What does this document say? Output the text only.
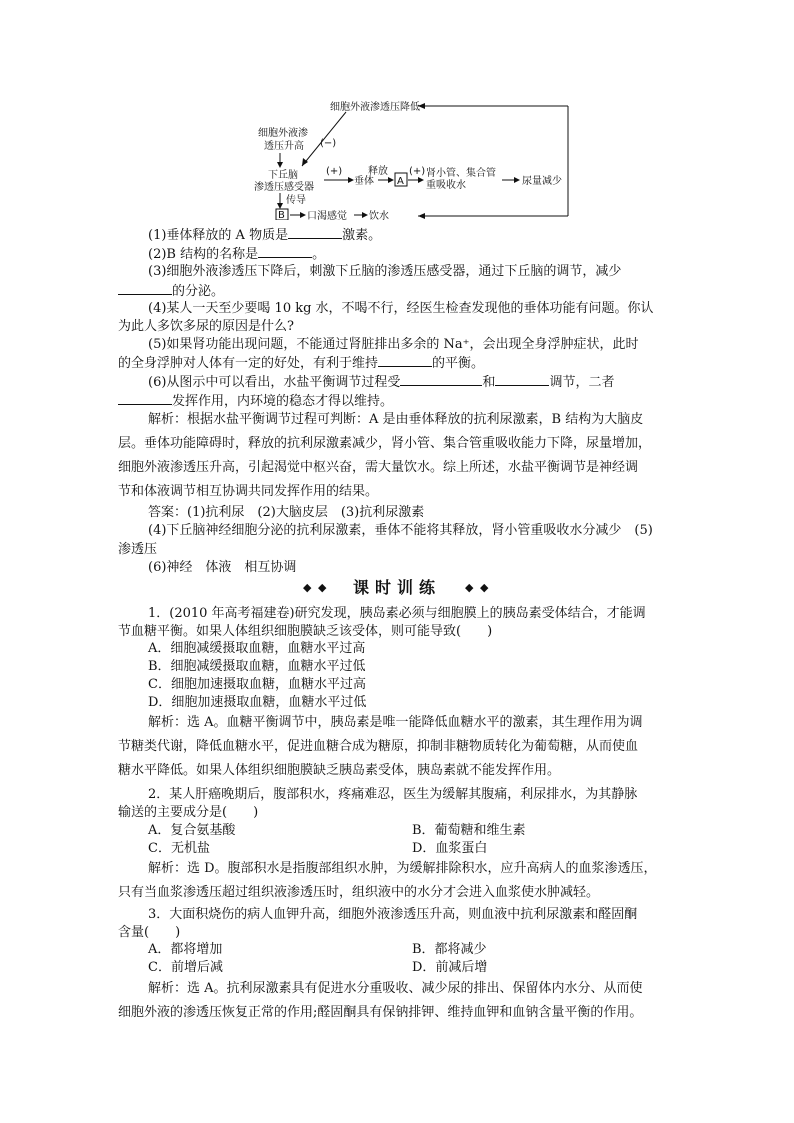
细胞外液渗透压降低
(−)
细胞外液渗
透压升高
下丘脑
渗透压感受器
(+)
垂体
释放
A
(+) 肾小管、集合管
重吸收水	尿量减少
传导
B 口渴感觉 饮水
(1)垂体释放的 A 物质是	激素。
(2)B 结构的名称是	。
(3)细胞外液渗透压下降后，刺激下丘脑的渗透压感受器，通过下丘脑的调节，减少
的分泌。
(4)某人一天至少要喝 10 kg 水，不喝不行，经医生检查发现他的垂体功能有问题。你认
为此人多饮多尿的原因是什么?
(5)如果肾功能出现问题，不能通过肾脏排出多余的 Na⁺，会出现全身浮肿症状，此时
的全身浮肿对人体有一定的好处，有利于维持	的平衡。
(6)从图示中可以看出，水盐平衡调节过程受	和	调节，二者
发挥作用，内环境的稳态才得以维持。
解析：根据水盐平衡调节过程可判断：A 是由垂体释放的抗利尿激素，B 结构为大脑皮
层。垂体功能障碍时，释放的抗利尿激素减少，肾小管、集合管重吸收能力下降，尿量增加，
细胞外液渗透压升高，引起渴觉中枢兴奋，需大量饮水。综上所述，水盐平衡调节是神经调
节和体液调节相互协调共同发挥作用的结果。
答案：(1)抗利尿　(2)大脑皮层　(3)抗利尿激素
(4)下丘脑神经细胞分泌的抗利尿激素，垂体不能将其释放，肾小管重吸收水分减少　(5)
渗透压
(6)神经　体液　相互协调
◆ ◆	课时训练	◆ ◆
1．(2010 年高考福建卷)研究发现，胰岛素必须与细胞膜上的胰岛素受体结合，才能调
节血糖平衡。如果人体组织细胞膜缺乏该受体，则可能导致(　　)
A．细胞减缓摄取血糖，血糖水平过高
B．细胞减缓摄取血糖，血糖水平过低
C．细胞加速摄取血糖，血糖水平过高
D．细胞加速摄取血糖，血糖水平过低
解析：选 A。血糖平衡调节中，胰岛素是唯一能降低血糖水平的激素，其生理作用为调
节糖类代谢，降低血糖水平，促进血糖合成为糖原，抑制非糖物质转化为葡萄糖，从而使血
糖水平降低。如果人体组织细胞膜缺乏胰岛素受体，胰岛素就不能发挥作用。
2．某人肝癌晚期后，腹部积水，疼痛难忍，医生为缓解其腹痛，利尿排水，为其静脉
输送的主要成分是(　　)
A．复合氨基酸	B．葡萄糖和维生素
C．无机盐	D．血浆蛋白
解析：选 D。腹部积水是指腹部组织水肿，为缓解排除积水，应升高病人的血浆渗透压，
只有当血浆渗透压超过组织液渗透压时，组织液中的水分才会进入血浆使水肿减轻。
3．大面积烧伤的病人血钾升高，细胞外液渗透压升高，则血液中抗利尿激素和醛固酮
含量(　　)
A．都将增加	B．都将减少
C．前增后减	D．前减后增
解析：选 A。抗利尿激素具有促进水分重吸收、减少尿的排出、保留体内水分、从而使
细胞外液的渗透压恢复正常的作用;醛固酮具有保钠排钾、维持血钾和血钠含量平衡的作用。
